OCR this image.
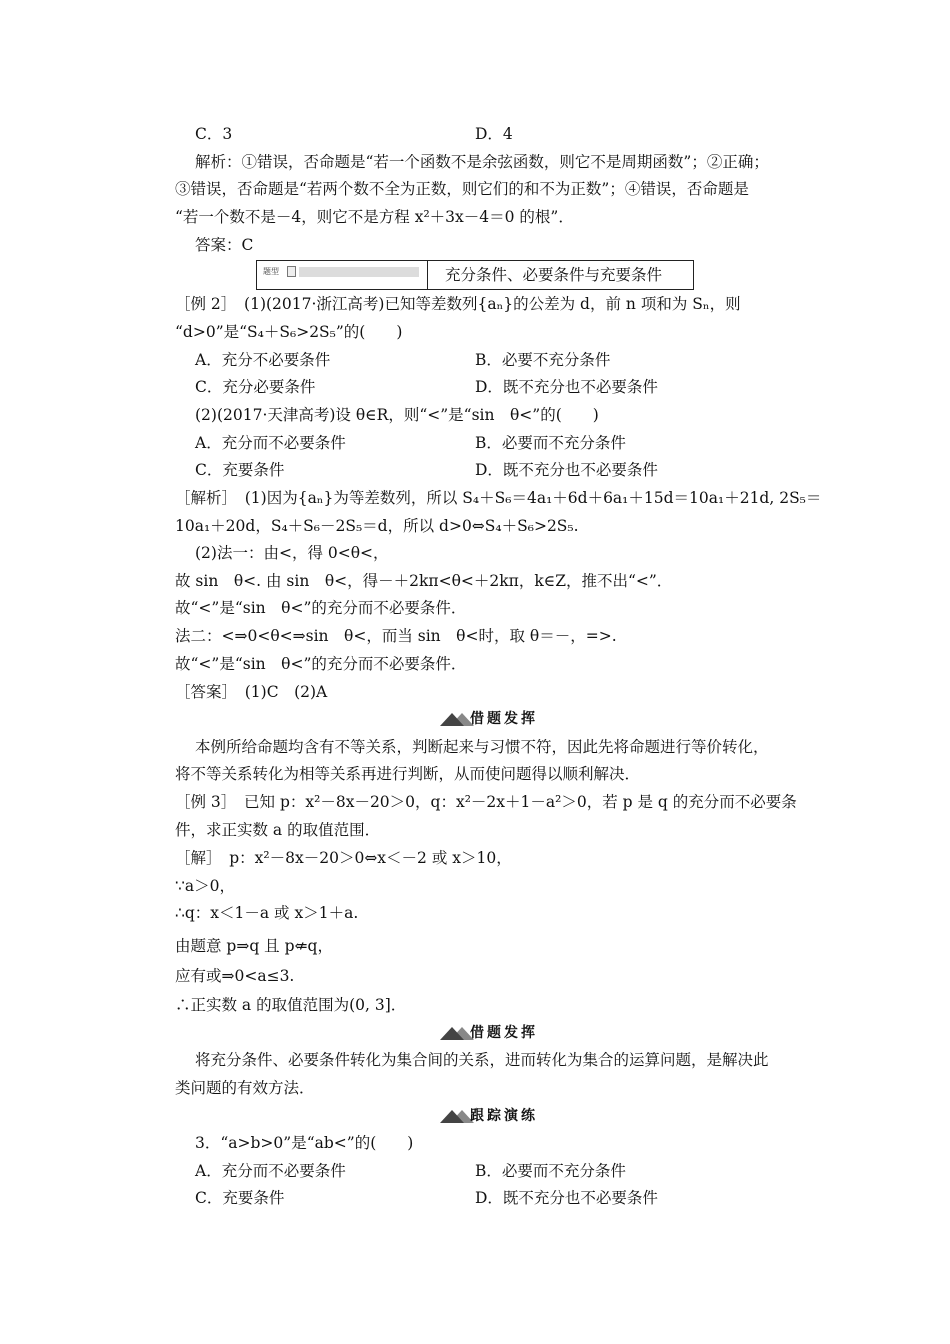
C．3	D．4
解析：①错误，否命题是“若一个函数不是余弦函数，则它不是周期函数”；②正确；
③错误，否命题是“若两个数不全为正数，则它们的和不为正数”；④错误，否命题是
“若一个数不是－4，则它不是方程 x²＋3x－4＝0 的根”．
答案：C
题型	充分条件、必要条件与充要条件
［例 2］　(1)(2017·浙江高考)已知等差数列{aₙ}的公差为 d，前 n 项和为 Sₙ，则
“d>0”是“S₄＋S₆>2S₅”的(　　)
A．充分不必要条件	B．必要不充分条件
C．充分必要条件	D．既不充分也不必要条件
(2)(2017·天津高考)设 θ∈R，则“<”是“sin　θ<”的(　　)
A．充分而不必要条件	B．必要而不充分条件
C．充要条件	D．既不充分也不必要条件
［解析］　(1)因为{aₙ}为等差数列，所以 S₄＋S₆＝4a₁＋6d＋6a₁＋15d＝10a₁＋21d, 2S₅＝
10a₁＋20d，S₄＋S₆－2S₅＝d，所以 d>0⇔S₄＋S₆>2S₅.
(2)法一：由<，得 0<θ<，
故 sin　θ<. 由 sin　θ<，得－＋2kπ<θ<＋2kπ，k∈Z，推不出“<”．
故“<”是“sin　θ<”的充分而不必要条件．
法二：<⇒0<θ<⇒sin　θ<，而当 sin　θ<时，取 θ＝－，=>.
故“<”是“sin　θ<”的充分而不必要条件．
［答案］　(1)C　(2)A
借题发挥
本例所给命题均含有不等关系，判断起来与习惯不符，因此先将命题进行等价转化，
将不等关系转化为相等关系再进行判断，从而使问题得以顺利解决．
［例 3］　已知 p：x²－8x－20＞0，q：x²－2x＋1－a²＞0，若 p 是 q 的充分而不必要条
件，求正实数 a 的取值范围．
［解］　p：x²－8x－20＞0⇔x＜－2 或 x＞10，
∵a＞0，
∴q：x＜1－a 或 x＞1＋a.
由题意 p⇒q 且 p⇍q，
应有或⇒0<a≤3.
∴正实数 a 的取值范围为(0, 3]．
借题发挥
将充分条件、必要条件转化为集合间的关系，进而转化为集合的运算问题，是解决此
类问题的有效方法．
跟踪演练
3．“a>b>0”是“ab<”的(　　)
A．充分而不必要条件	B．必要而不充分条件
C．充要条件	D．既不充分也不必要条件
